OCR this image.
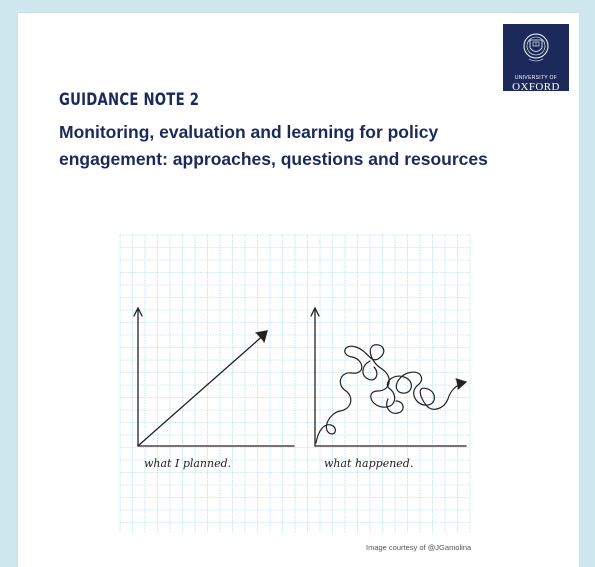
UNIVERSITY OF
OXFORD
GUIDANCE NOTE 2
Monitoring, evaluation and learning for policy
engagement: approaches, questions and resources
what I planned.	what happened.
Image courtesy of @JGamolina
